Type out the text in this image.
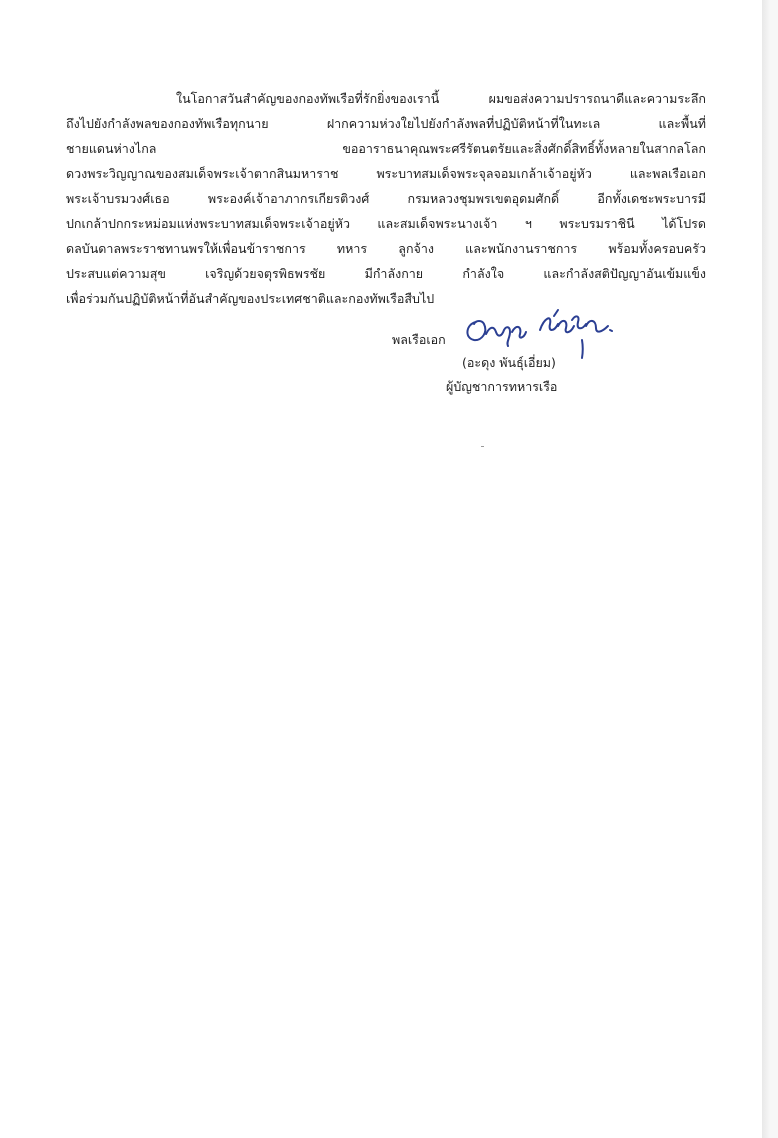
ในโอกาสวันสำคัญของกองทัพเรือที่รักยิ่งของเรานี้ ผมขอส่งความปรารถนาดีและความระลึก
ถึงไปยังกำลังพลของกองทัพเรือทุกนาย ฝากความห่วงใยไปยังกำลังพลที่ปฏิบัติหน้าที่ในทะเล และพื้นที่
ชายแดนห่างไกล ขออาราธนาคุณพระศรีรัตนตรัยและสิ่งศักดิ์สิทธิ์ทั้งหลายในสากลโลก
ดวงพระวิญญาณของสมเด็จพระเจ้าตากสินมหาราช พระบาทสมเด็จพระจุลจอมเกล้าเจ้าอยู่หัว และพลเรือเอก
พระเจ้าบรมวงศ์เธอ พระองค์เจ้าอาภากรเกียรติวงศ์ กรมหลวงชุมพรเขตอุดมศักดิ์ อีกทั้งเดชะพระบารมี
ปกเกล้าปกกระหม่อมแห่งพระบาทสมเด็จพระเจ้าอยู่หัว และสมเด็จพระนางเจ้า ฯ พระบรมราชินี ได้โปรด
ดลบันดาลพระราชทานพรให้เพื่อนข้าราชการ ทหาร ลูกจ้าง และพนักงานราชการ พร้อมทั้งครอบครัว
ประสบแต่ความสุข เจริญด้วยจตุรพิธพรชัย มีกำลังกาย กำลังใจ และกำลังสติปัญญาอันเข้มแข็ง
เพื่อร่วมกันปฏิบัติหน้าที่อันสำคัญของประเทศชาติและกองทัพเรือสืบไป
พลเรือเอก
(อะดุง พันธุ์เอี่ยม)
ผู้บัญชาการทหารเรือ
